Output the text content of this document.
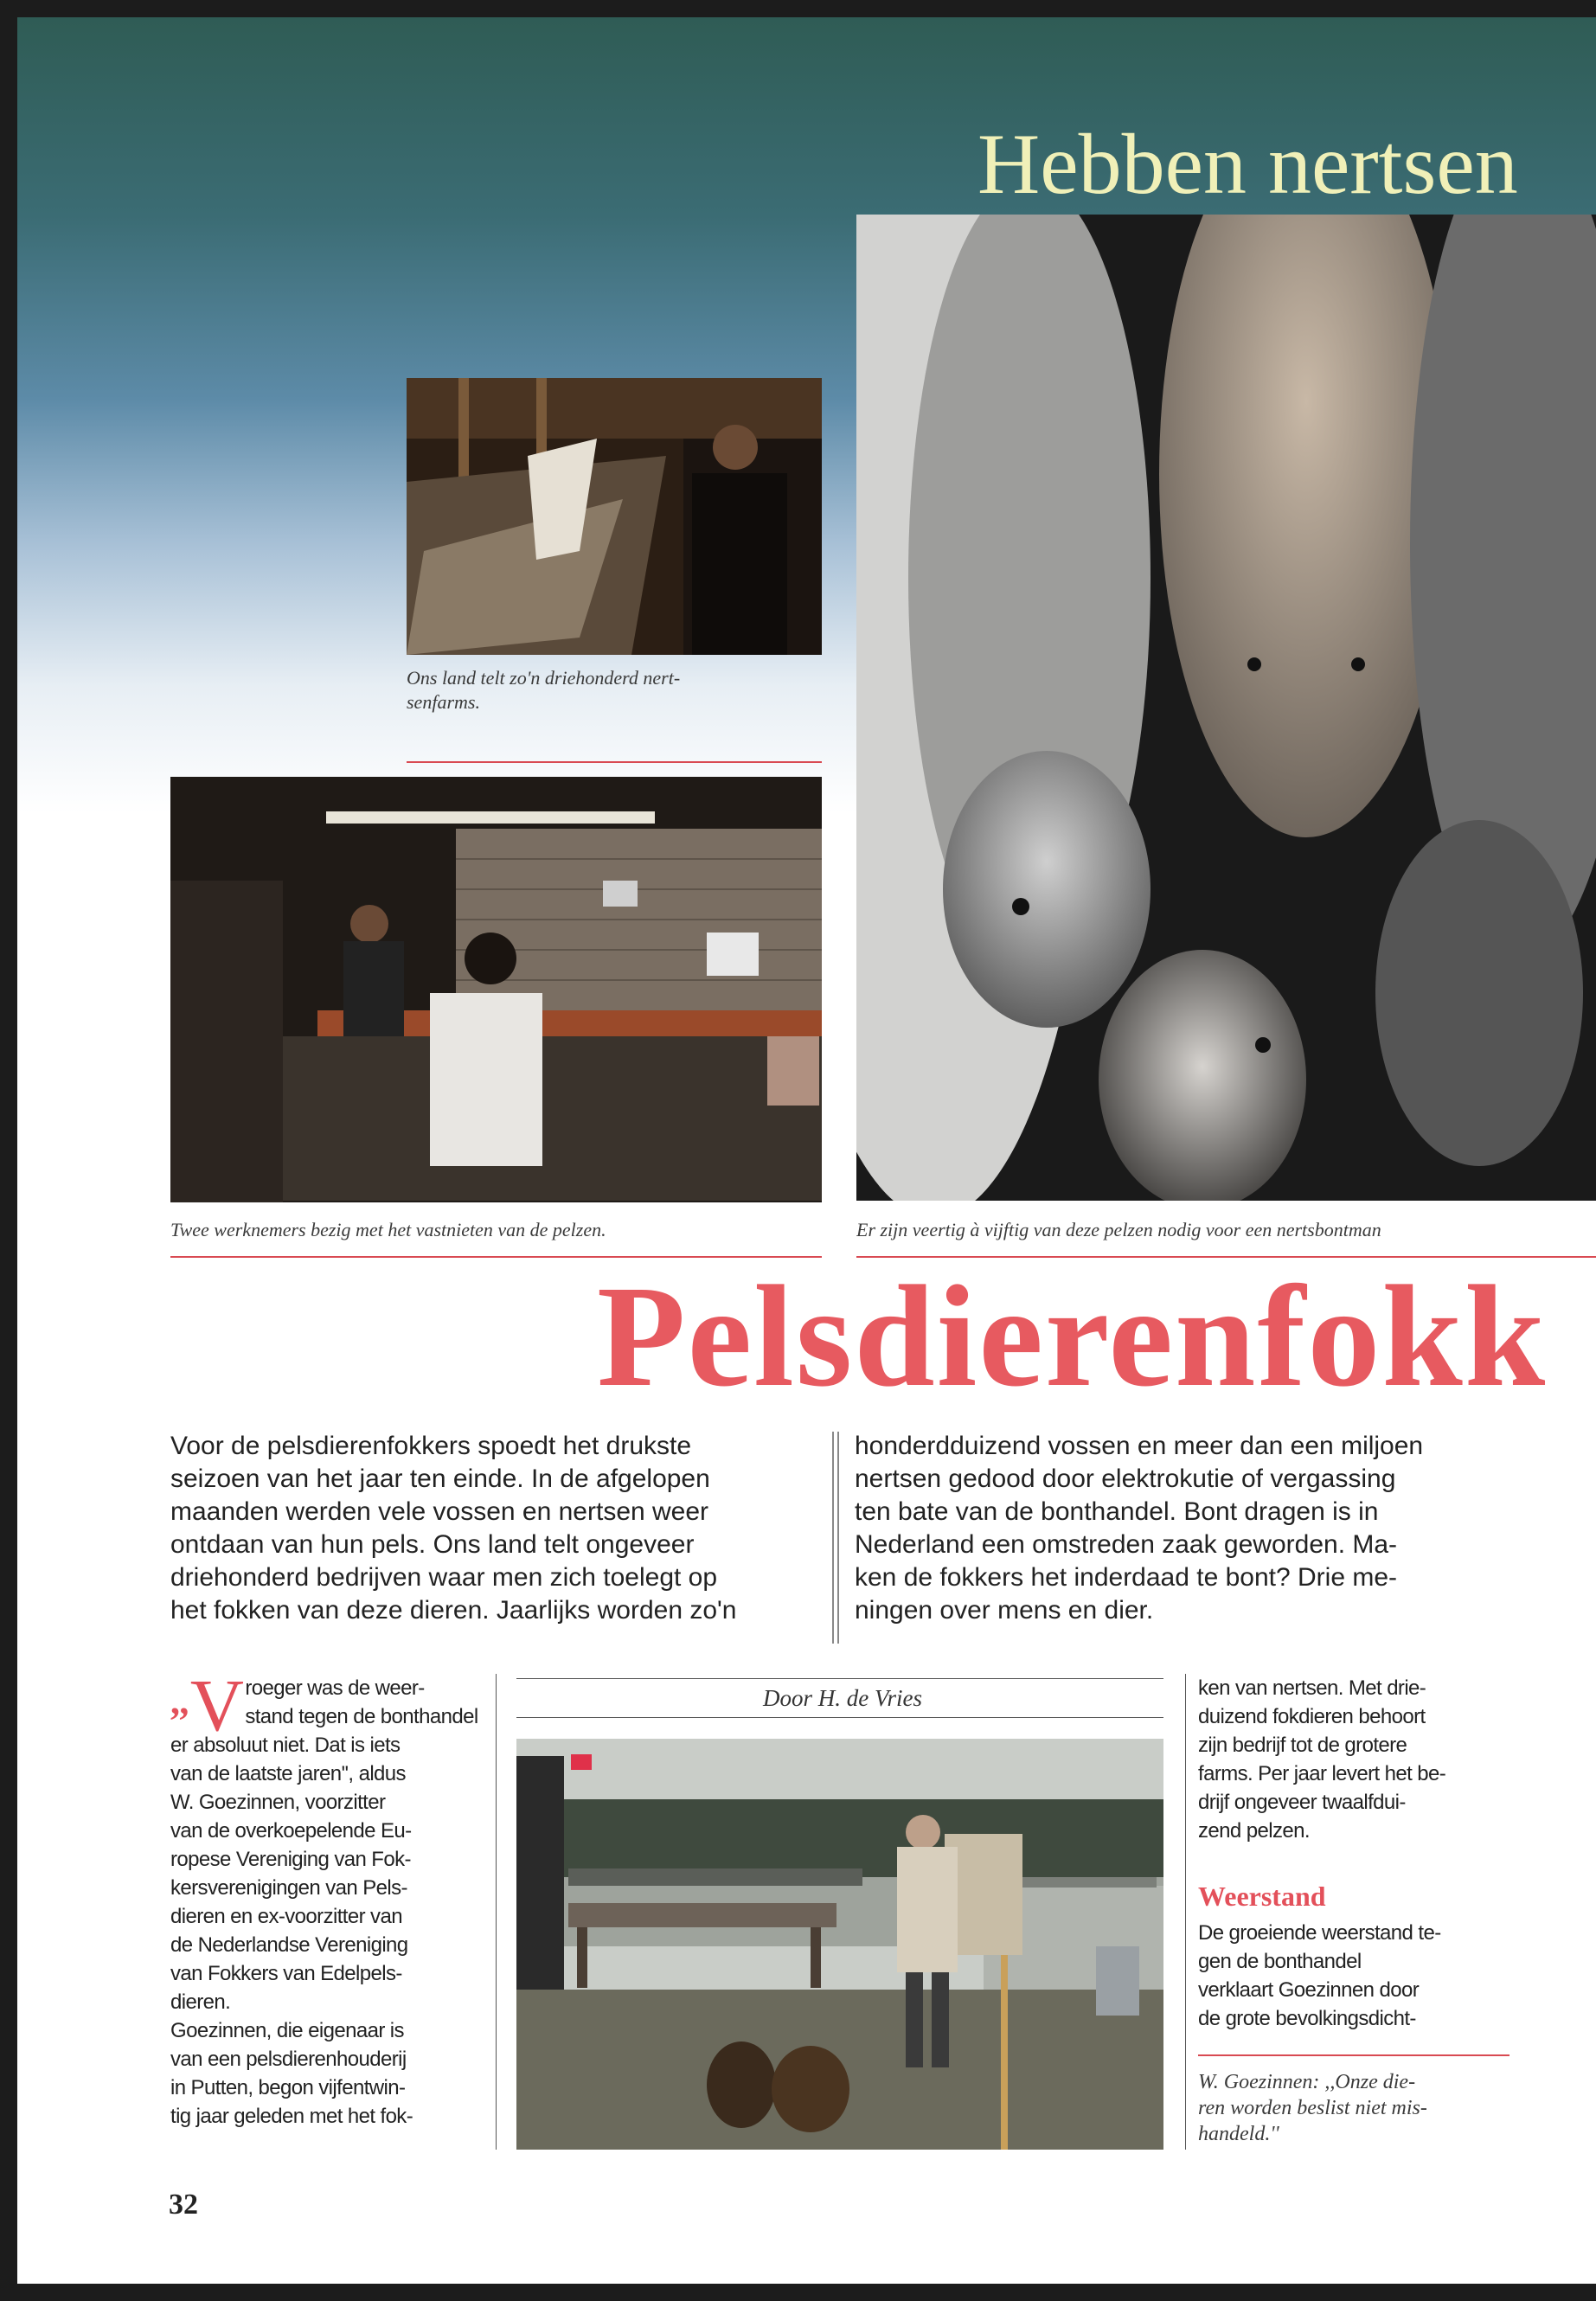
Hebben nertsen
Ons land telt zo'n driehonderd nert-
senfarms.
Twee werknemers bezig met het vastnieten van de pelzen.	Er zijn veertig à vijftig van deze pelzen nodig voor een nertsbontman
Pelsdierenfokk
Voor de pelsdierenfokkers spoedt het drukste
seizoen van het jaar ten einde. In de afgelopen
maanden werden vele vossen en nertsen weer
ontdaan van hun pels. Ons land telt ongeveer
driehonderd bedrijven waar men zich toelegt op
het fokken van deze dieren. Jaarlijks worden zo'n
honderdduizend vossen en meer dan een miljoen
nertsen gedood door elektrokutie of vergassing
ten bate van de bonthandel. Bont dragen is in
Nederland een omstreden zaak geworden. Ma-
ken de fokkers het inderdaad te bont? Drie me-
ningen over mens en dier.
,, V roeger was de weer-
stand tegen de bonthandel
er absoluut niet. Dat is iets
van de laatste jaren'', aldus
W. Goezinnen, voorzitter
van de overkoepelende Eu-
ropese Vereniging van Fok-
kersverenigingen van Pels-
dieren en ex-voorzitter van
de Nederlandse Vereniging
van Fokkers van Edelpels-
dieren.
Goezinnen, die eigenaar is
van een pelsdierenhouderij
in Putten, begon vijfentwin-
tig jaar geleden met het fok-
Door H. de Vries	ken van nertsen. Met drie-
duizend fokdieren behoort
zijn bedrijf tot de grotere
farms. Per jaar levert het be-
drijf ongeveer twaalfdui-
zend pelzen.
Weerstand
De groeiende weerstand te-
gen de bonthandel
verklaart Goezinnen door
de grote bevolkingsdicht-
W. Goezinnen: ,,Onze die-
ren worden beslist niet mis-
handeld.''
32
